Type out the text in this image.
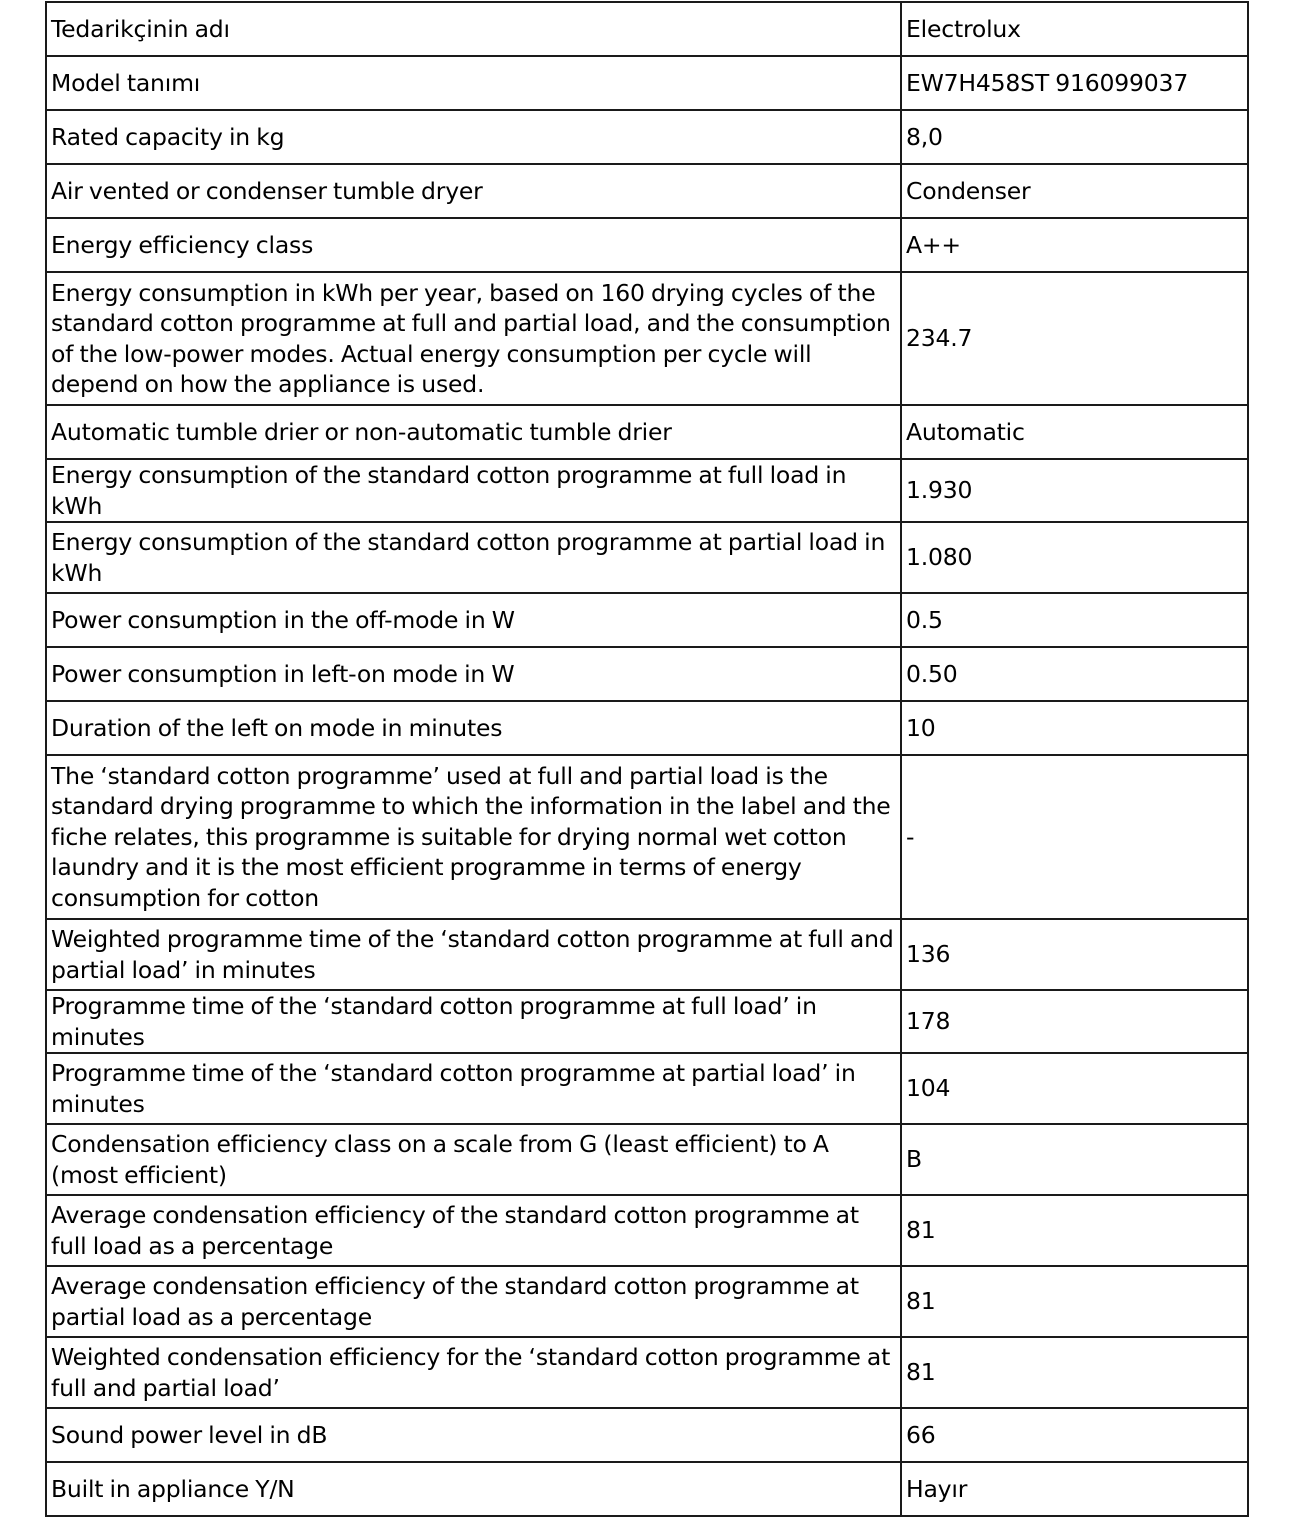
Tedarikçinin adı	Electrolux
Model tanımı	EW7H458ST 916099037
Rated capacity in kg	8,0
Air vented or condenser tumble dryer	Condenser
Energy efficiency class	A++
Energy consumption in kWh per year, based on 160 drying cycles of the standard cotton programme at full and partial load, and the consumption of the low-power modes. Actual energy consumption per cycle will depend on how the appliance is used.	234.7
Automatic tumble drier or non-automatic tumble drier	Automatic
Energy consumption of the standard cotton programme at full load in kWh	1.930
Energy consumption of the standard cotton programme at partial load in kWh	1.080
Power consumption in the off-mode in W	0.5
Power consumption in left-on mode in W	0.50
Duration of the left on mode in minutes	10
The ‘standard cotton programme’ used at full and partial load is the standard drying programme to which the information in the label and the fiche relates, this programme is suitable for drying normal wet cotton laundry and it is the most efficient programme in terms of energy consumption for cotton	-
Weighted programme time of the ‘standard cotton programme at full and partial load’ in minutes	136
Programme time of the ‘standard cotton programme at full load’ in minutes	178
Programme time of the ‘standard cotton programme at partial load’ in minutes	104
Condensation efficiency class on a scale from G (least efficient) to A (most efficient)	B
Average condensation efficiency of the standard cotton programme at full load as a percentage	81
Average condensation efficiency of the standard cotton programme at partial load as a percentage	81
Weighted condensation efficiency for the ‘standard cotton programme at full and partial load’	81
Sound power level in dB	66
Built in appliance Y/N	Hayır
